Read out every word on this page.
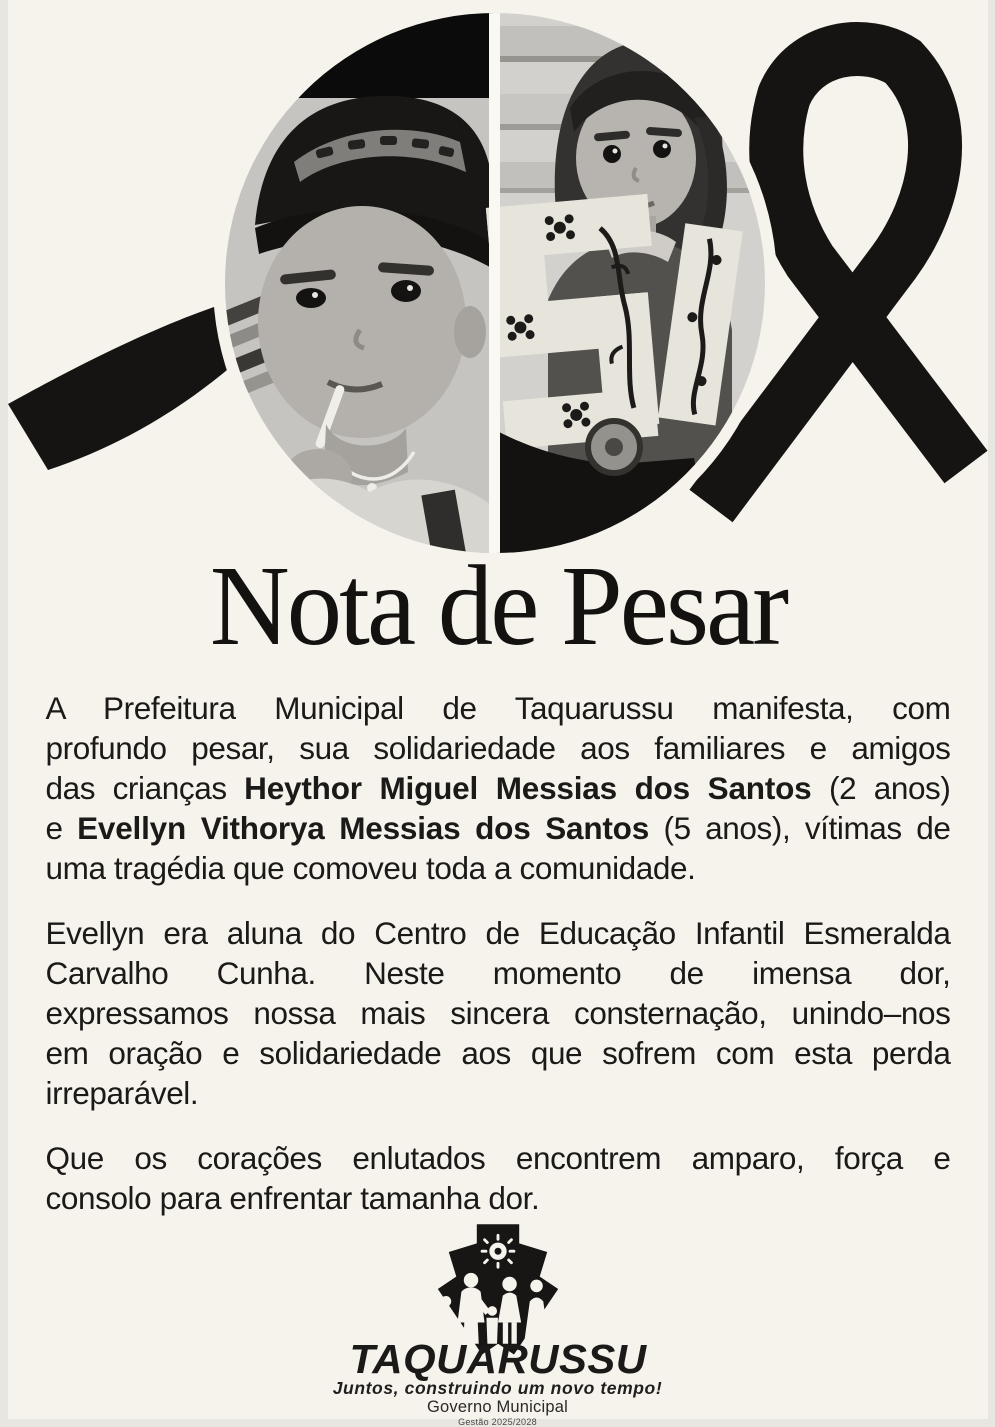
Nota de Pesar
A Prefeitura Municipal de Taquarussu manifesta, com
profundo pesar, sua solidariedade aos familiares e amigos
das crianças Heythor Miguel Messias dos Santos (2 anos)
e Evellyn Vithorya Messias dos Santos (5 anos), vítimas de
uma tragédia que comoveu toda a comunidade.
Evellyn era aluna do Centro de Educação Infantil Esmeralda
Carvalho Cunha. Neste momento de imensa dor,
expressamos nossa mais sincera consternação, unindo–nos
em oração e solidariedade aos que sofrem com esta perda
irreparável.
Que os corações enlutados encontrem amparo, força e
consolo para enfrentar tamanha dor.
TAQUARUSSU
Juntos, construindo um novo tempo!
Governo Municipal
Gestão 2025/2028
